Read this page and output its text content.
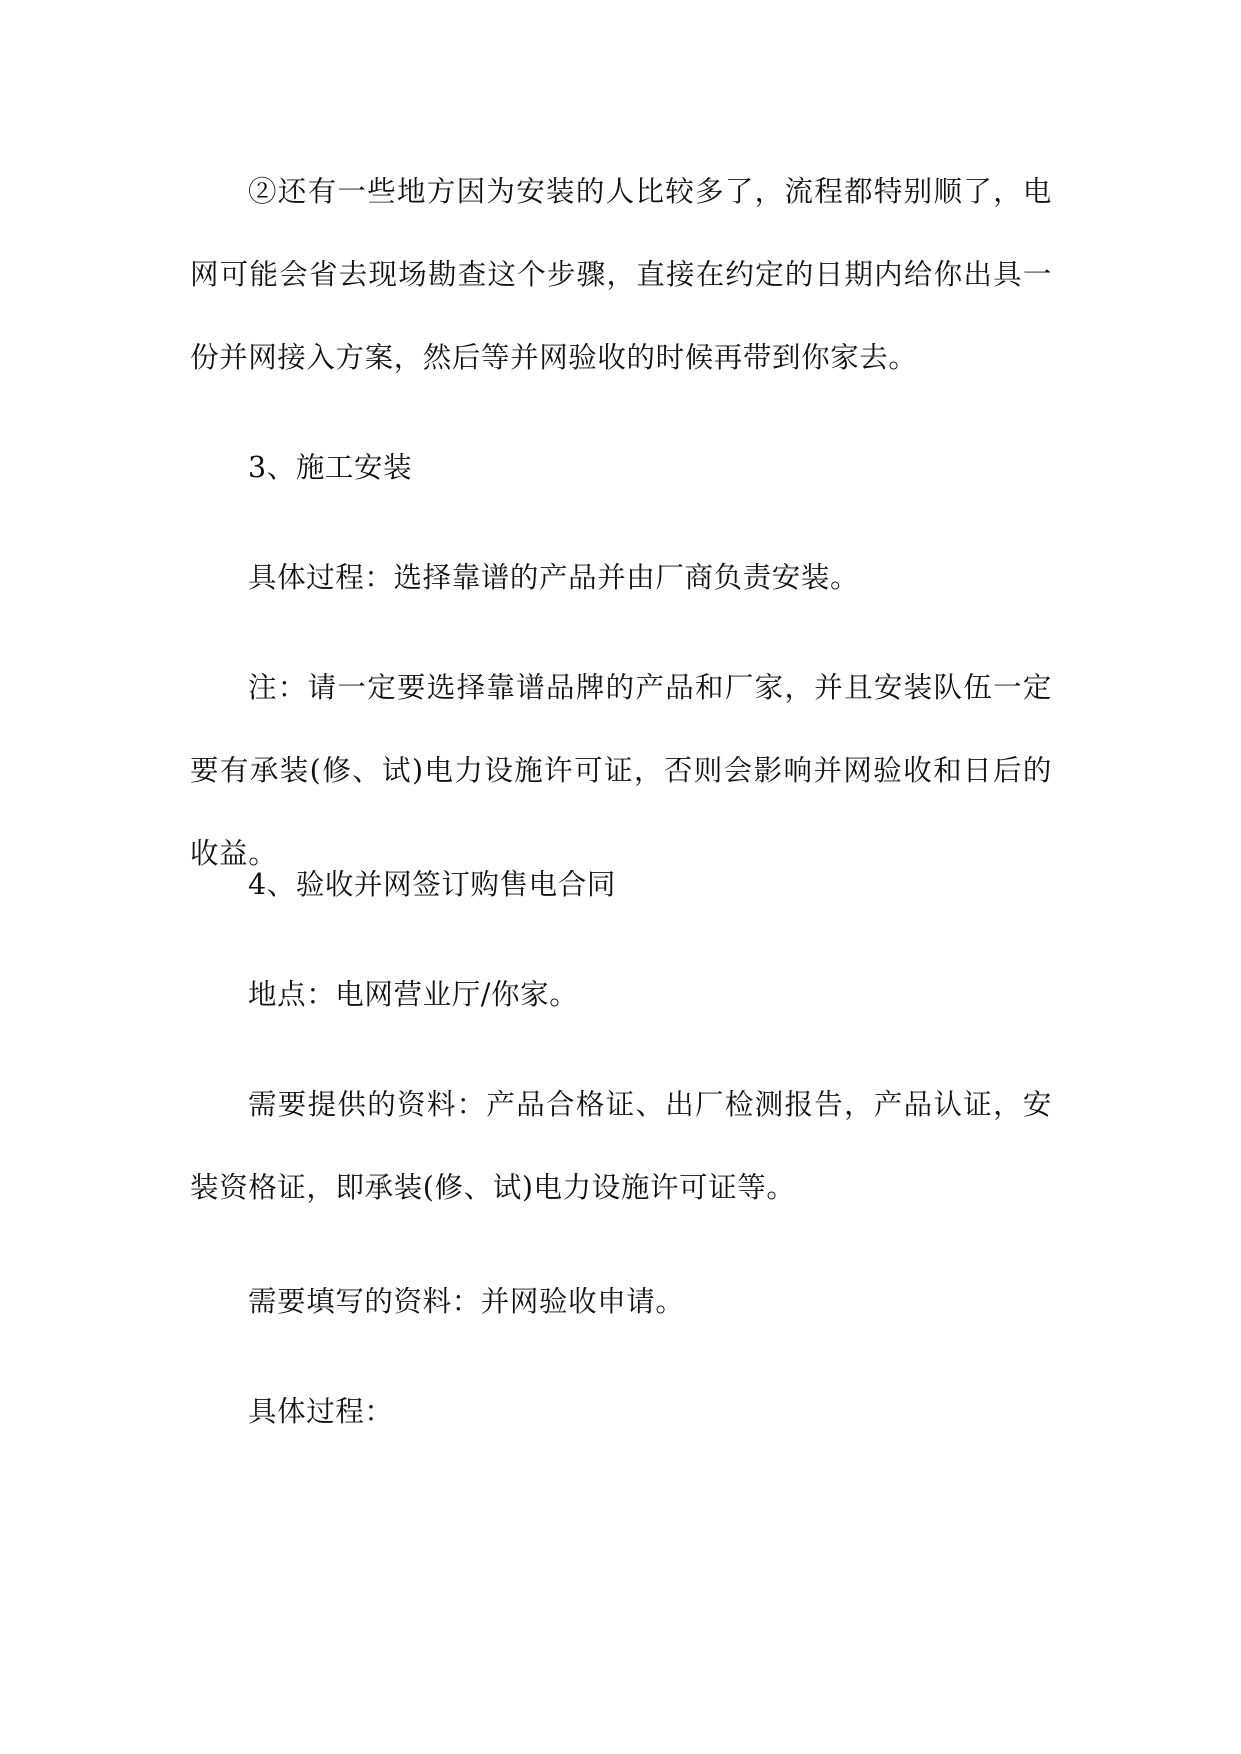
②还有一些地方因为安装的人比较多了，流程都特别顺了，电网可能会省去现场勘查这个步骤，直接在约定的日期内给你出具一份并网接入方案，然后等并网验收的时候再带到你家去。

3、施工安装

具体过程：选择靠谱的产品并由厂商负责安装。

注：请一定要选择靠谱品牌的产品和厂家，并且安装队伍一定要有承装(修、试)电力设施许可证，否则会影响并网验收和日后的收益。

4、验收并网签订购售电合同

地点：电网营业厅/你家。

需要提供的资料：产品合格证、出厂检测报告，产品认证，安装资格证，即承装(修、试)电力设施许可证等。

需要填写的资料：并网验收申请。

具体过程：
